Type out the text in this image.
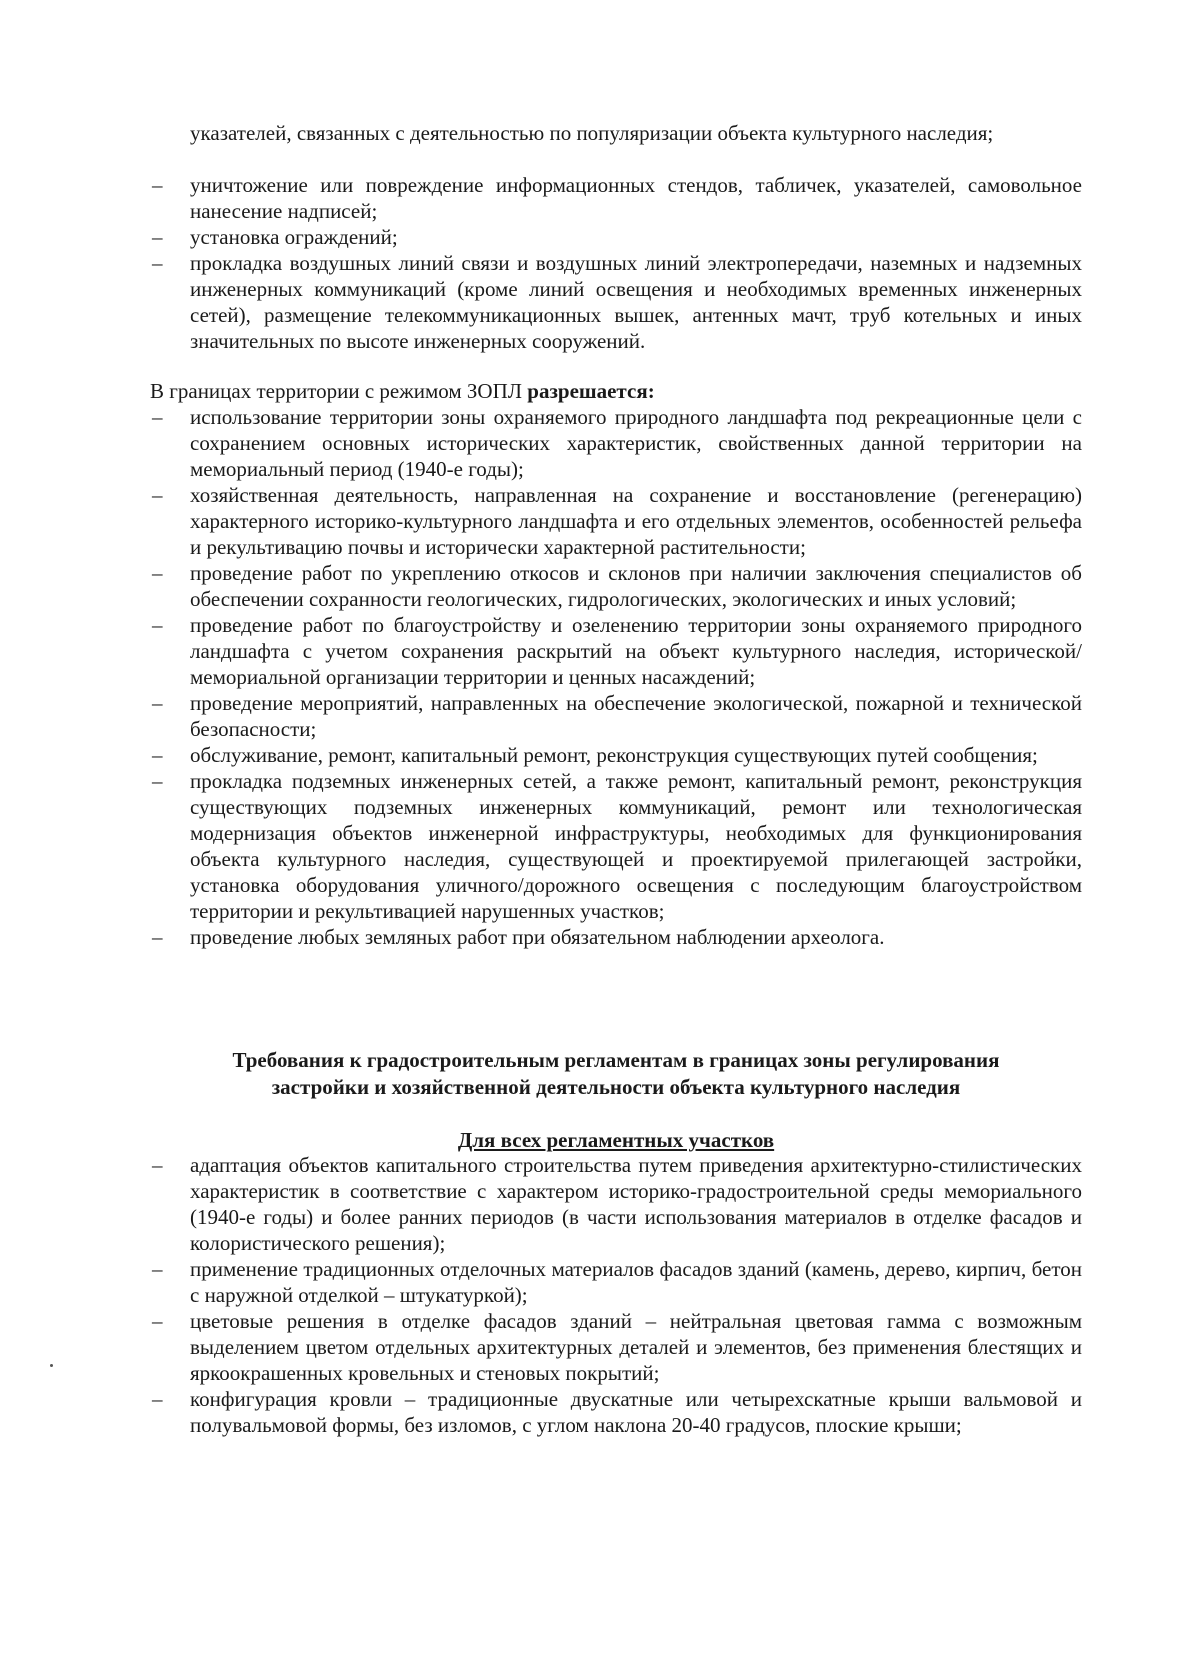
указателей, связанных с деятельностью по популяризации объекта культурного наследия;

– уничтожение или повреждение информационных стендов, табличек, указателей, самовольное нанесение надписей;
– установка ограждений;
– прокладка воздушных линий связи и воздушных линий электропередачи, наземных и надземных инженерных коммуникаций (кроме линий освещения и необходимых временных инженерных сетей), размещение телекоммуникационных вышек, антенных мачт, труб котельных и иных значительных по высоте инженерных сооружений.

В границах территории с режимом ЗОПЛ разрешается:

– использование территории зоны охраняемого природного ландшафта под рекреационные цели с сохранением основных исторических характеристик, свойственных данной территории на мемориальный период (1940-е годы);
– хозяйственная деятельность, направленная на сохранение и восстановление (регенерацию) характерного историко-культурного ландшафта и его отдельных элементов, особенностей рельефа и рекультивацию почвы и исторически характерной растительности;
– проведение работ по укреплению откосов и склонов при наличии заключения специалистов об обеспечении сохранности геологических, гидрологических, экологических и иных условий;
– проведение работ по благоустройству и озеленению территории зоны охраняемого природного ландшафта с учетом сохранения раскрытий на объект культурного наследия, исторической/мемориальной организации территории и ценных насаждений;
– проведение мероприятий, направленных на обеспечение экологической, пожарной и технической безопасности;
– обслуживание, ремонт, капитальный ремонт, реконструкция существующих путей сообщения;
– прокладка подземных инженерных сетей, а также ремонт, капитальный ремонт, реконструкция существующих подземных инженерных коммуникаций, ремонт или технологическая модернизация объектов инженерной инфраструктуры, необходимых для функционирования объекта культурного наследия, существующей и проектируемой прилегающей застройки, установка оборудования уличного/дорожного освещения с последующим благоустройством территории и рекультивацией нарушенных участков;
– проведение любых земляных работ при обязательном наблюдении археолога.

Требования к градостроительным регламентам в границах зоны регулирования

застройки и хозяйственной деятельности объекта культурного наследия

Для всех регламентных участков

– адаптация объектов капитального строительства путем приведения архитектурно-стилистических характеристик в соответствие с характером историко-градостроительной среды мемориального (1940-е годы) и более ранних периодов (в части использования материалов в отделке фасадов и колористического решения);
– применение традиционных отделочных материалов фасадов зданий (камень, дерево, кирпич, бетон с наружной отделкой – штукатуркой);
– цветовые решения в отделке фасадов зданий – нейтральная цветовая гамма с возможным выделением цветом отдельных архитектурных деталей и элементов, без применения блестящих и яркоокрашенных кровельных и стеновых покрытий;
– конфигурация кровли – традиционные двускатные или четырехскатные крыши вальмовой и полувальмовой формы, без изломов, с углом наклона 20-40 градусов, плоские крыши;
